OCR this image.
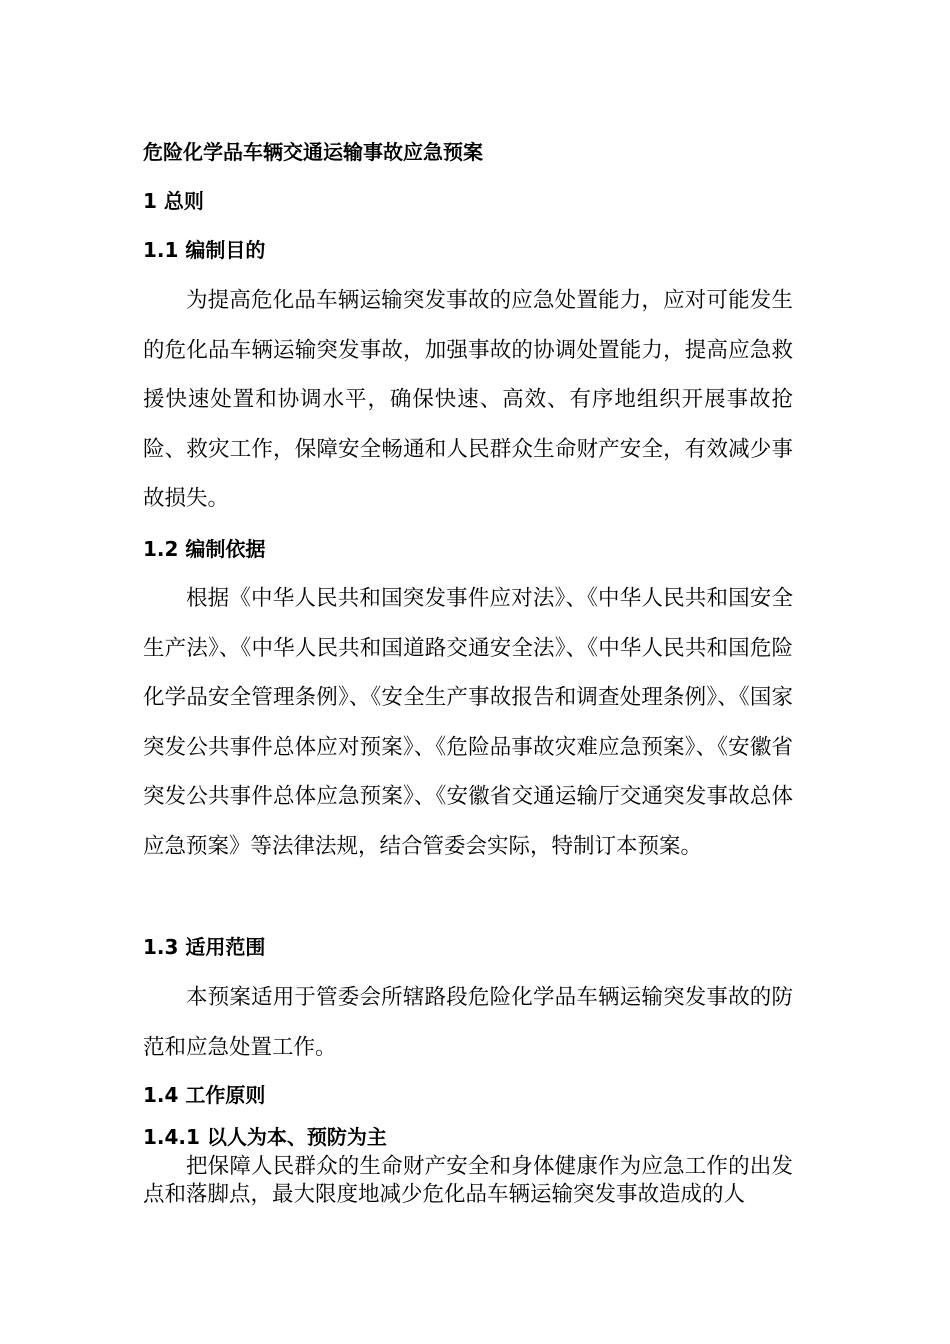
危险化学品车辆交通运输事故应急预案
1 总则
1.1 编制目的

为提高危化品车辆运输突发事故的应急处置能力，应对可能发生的危化品车辆运输突发事故，加强事故的协调处置能力，提高应急救援快速处置和协调水平，确保快速、高效、有序地组织开展事故抢险、救灾工作，保障安全畅通和人民群众生命财产安全，有效减少事故损失。

1.2 编制依据

根据《中华人民共和国突发事件应对法》、《中华人民共和国安全生产法》、《中华人民共和国道路交通安全法》、《中华人民共和国危险化学品安全管理条例》、《安全生产事故报告和调查处理条例》、《国家突发公共事件总体应对预案》、《危险品事故灾难应急预案》、《安徽省突发公共事件总体应急预案》、《安徽省交通运输厅交通突发事故总体应急预案》等法律法规，结合管委会实际，特制订本预案。

1.3 适用范围

本预案适用于管委会所辖路段危险化学品车辆运输突发事故的防范和应急处置工作。

1.4 工作原则
1.4.1 以人为本、预防为主

把保障人民群众的生命财产安全和身体健康作为应急工作的出发点和落脚点，最大限度地减少危化品车辆运输突发事故造成的人
